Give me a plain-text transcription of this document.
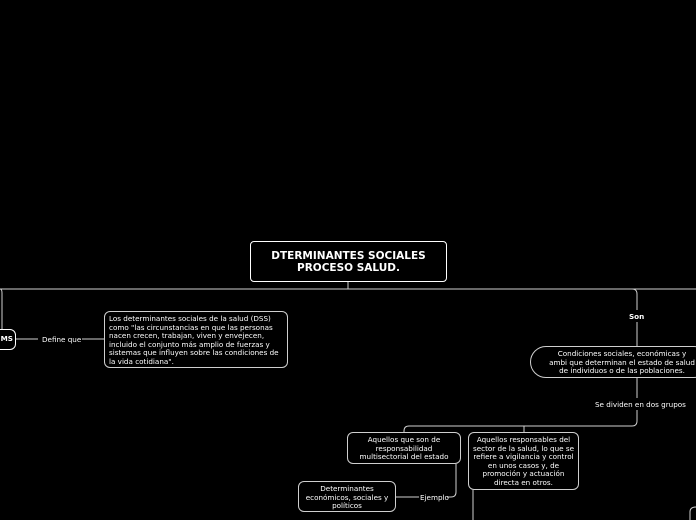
DTERMINANTES SOCIALES PROCESO SALUD.
MS	Define que
Los determinantes sociales de la salud (DSS) como "las circunstancias en que las personas nacen crecen, trabajan, viven y envejecen, incluido el conjunto más amplio de fuerzas y sistemas que influyen sobre las condiciones de la vida cotidiana".
Son
Condiciones sociales, económicas y ambi que determinan el estado de salud de individuos o de las poblaciones.
Se dividen en dos grupos
Aquellos que son de responsabilidad multisectorial del estado
Aquellos responsables del sector de la salud, lo que se refiere a vigilancia y control en unos casos y, de promoción y actuación directa en otros.
Ejemplo
Determinantes económicos, sociales y políticos
